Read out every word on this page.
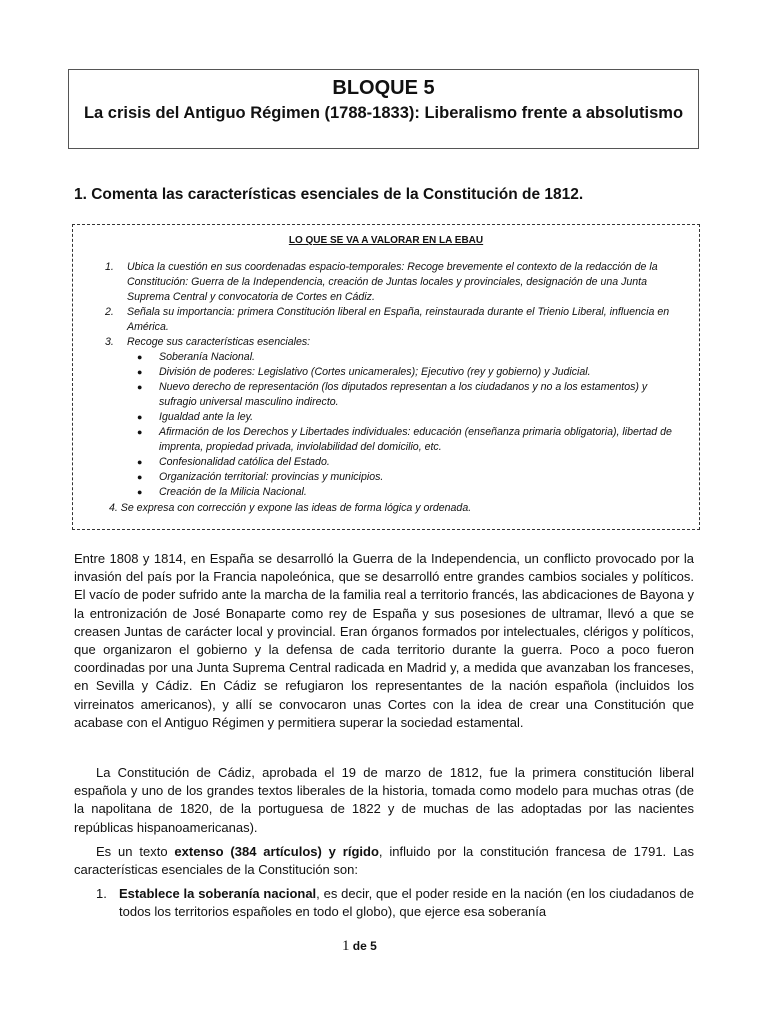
BLOQUE 5
La crisis del Antiguo Régimen (1788-1833): Liberalismo frente a absolutismo
1. Comenta las características esenciales de la Constitución de 1812.
LO QUE SE VA A VALORAR EN LA EBAU
1. Ubica la cuestión en sus coordenadas espacio-temporales: Recoge brevemente el contexto de la redacción de la Constitución: Guerra de la Independencia, creación de Juntas locales y provinciales, designación de una Junta Suprema Central y convocatoria de Cortes en Cádiz.
2. Señala su importancia: primera Constitución liberal en España, reinstaurada durante el Trienio Liberal, influencia en América.
3. Recoge sus características esenciales:
● Soberanía Nacional.
● División de poderes: Legislativo (Cortes unicamerales); Ejecutivo (rey y gobierno) y Judicial.
● Nuevo derecho de representación (los diputados representan a los ciudadanos y no a los estamentos) y sufragio universal masculino indirecto.
● Igualdad ante la ley.
● Afirmación de los Derechos y Libertades individuales: educación (enseñanza primaria obligatoria), libertad de imprenta, propiedad privada, inviolabilidad del domicilio, etc.
● Confesionalidad católica del Estado.
● Organización territorial: provincias y municipios.
● Creación de la Milicia Nacional.
4. Se expresa con corrección y expone las ideas de forma lógica y ordenada.

Entre 1808 y 1814, en España se desarrolló la Guerra de la Independencia, un conflicto provocado por la invasión del país por la Francia napoleónica, que se desarrolló entre grandes cambios sociales y políticos. El vacío de poder sufrido ante la marcha de la familia real a territorio francés, las abdicaciones de Bayona y la entronización de José Bonaparte como rey de España y sus posesiones de ultramar, llevó a que se creasen Juntas de carácter local y provincial. Eran órganos formados por intelectuales, clérigos y políticos, que organizaron el gobierno y la defensa de cada territorio durante la guerra. Poco a poco fueron coordinadas por una Junta Suprema Central radicada en Madrid y, a medida que avanzaban los franceses, en Sevilla y Cádiz. En Cádiz se refugiaron los representantes de la nación española (incluidos los virreinatos americanos), y allí se convocaron unas Cortes con la idea de crear una Constitución que acabase con el Antiguo Régimen y permitiera superar la sociedad estamental.

La Constitución de Cádiz, aprobada el 19 de marzo de 1812, fue la primera constitución liberal española y uno de los grandes textos liberales de la historia, tomada como modelo para muchas otras (de la napolitana de 1820, de la portuguesa de 1822 y de muchas de las adoptadas por las nacientes repúblicas hispanoamericanas).

Es un texto extenso (384 artículos) y rígido, influido por la constitución francesa de 1791. Las características esenciales de la Constitución son:

1. Establece la soberanía nacional, es decir, que el poder reside en la nación (en los ciudadanos de todos los territorios españoles en todo el globo), que ejerce esa soberanía
1 de 5
